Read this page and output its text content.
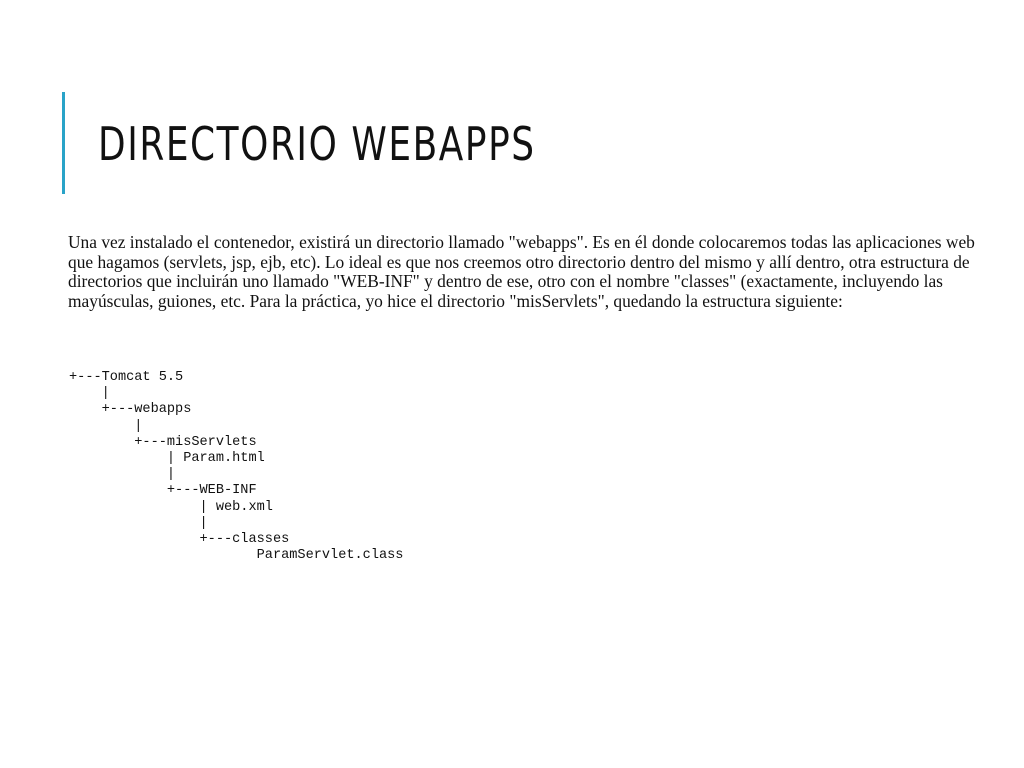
DIRECTORIO WEBAPPS

Una vez instalado el contenedor, existirá un directorio llamado "webapps". Es en él donde colocaremos todas las aplicaciones web que hagamos (servlets, jsp, ejb, etc). Lo ideal es que nos creemos otro directorio dentro del mismo y allí dentro, otra estructura de directorios que incluirán uno llamado "WEB-INF" y dentro de ese, otro con el nombre "classes" (exactamente, incluyendo las mayúsculas, guiones, etc. Para la práctica, yo hice el directorio "misServlets", quedando la estructura siguiente:

+---Tomcat 5.5
|
+---webapps
|
+---misServlets
| Param.html
|
+---WEB-INF
| web.xml
|
+---classes
ParamServlet.class
